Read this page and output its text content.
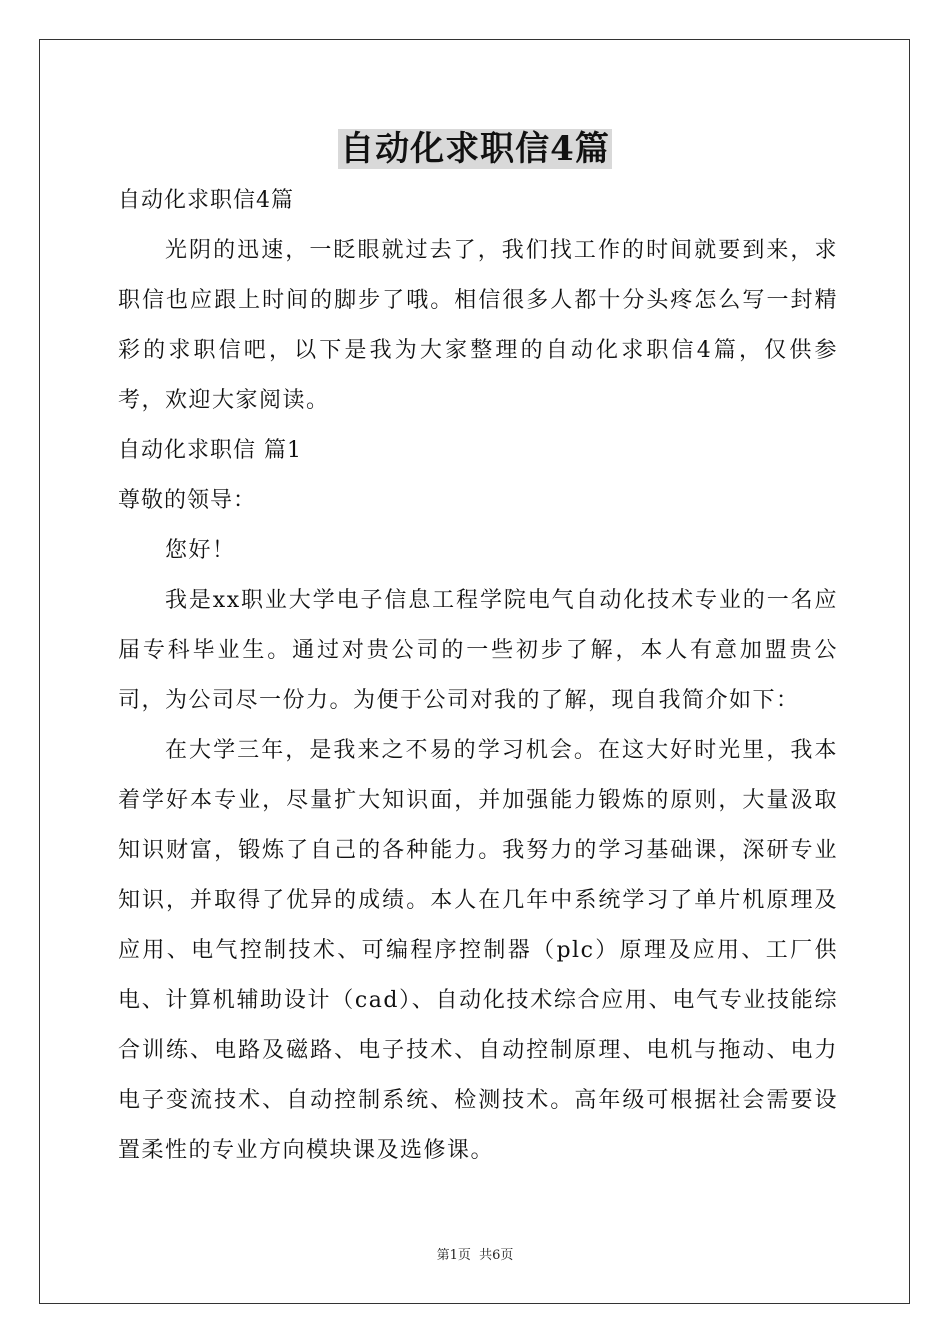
自动化求职信4篇

自动化求职信4篇

光阴的迅速，一眨眼就过去了，我们找工作的时间就要到来，求职信也应跟上时间的脚步了哦。相信很多人都十分头疼怎么写一封精彩的求职信吧，以下是我为大家整理的自动化求职信4篇，仅供参考，欢迎大家阅读。

自动化求职信 篇1

尊敬的领导：

您好！

我是xx职业大学电子信息工程学院电气自动化技术专业的一名应届专科毕业生。通过对贵公司的一些初步了解，本人有意加盟贵公司，为公司尽一份力。为便于公司对我的了解，现自我简介如下：

在大学三年，是我来之不易的学习机会。在这大好时光里，我本着学好本专业，尽量扩大知识面，并加强能力锻炼的原则，大量汲取知识财富，锻炼了自己的各种能力。我努力的学习基础课，深研专业知识，并取得了优异的成绩。本人在几年中系统学习了单片机原理及应用、电气控制技术、可编程序控制器（plc）原理及应用、工厂供电、计算机辅助设计（cad）、自动化技术综合应用、电气专业技能综合训练、电路及磁路、电子技术、自动控制原理、电机与拖动、电力电子变流技术、自动控制系统、检测技术。高年级可根据社会需要设置柔性的专业方向模块课及选修课。

第1页  共6页
